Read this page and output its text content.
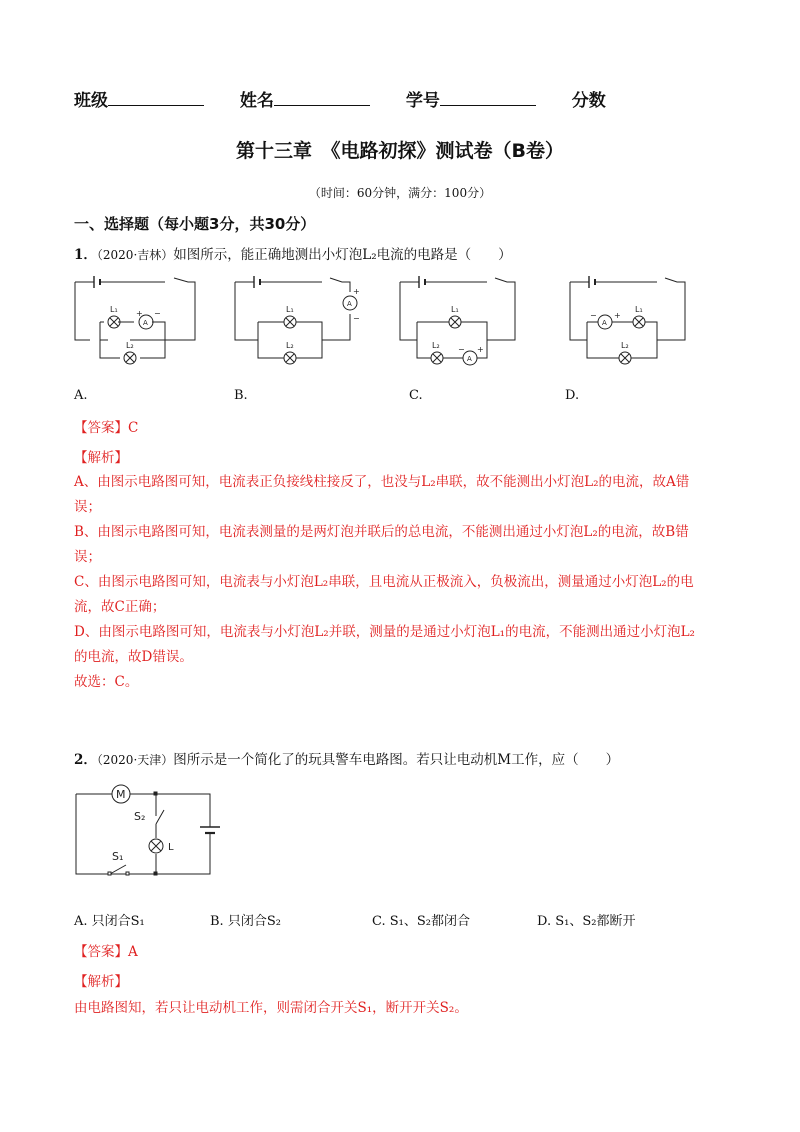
班级	姓名	学号	分数
第十三章　《电路初探》测试卷（B卷）
（时间：60分钟，满分：100分）
一、选择题（每小题3分，共30分）
1．（2020·吉林）如图所示，能正确地测出小灯泡L₂电流的电路是（　　）
L₁
A
+ −
L₂
L₁
A
+
−
L₂
L₁
L₂
A
− +
L₁
A
− +
L₂
A.	B.	C.	D.
【答案】C
【解析】
A、由图示电路图可知，电流表正负接线柱接反了，也没与L₂串联，故不能测出小灯泡L₂的电流，故A错
误；
B、由图示电路图可知，电流表测量的是两灯泡并联后的总电流，不能测出通过小灯泡L₂的电流，故B错
误；
C、由图示电路图可知，电流表与小灯泡L₂串联，且电流从正极流入，负极流出，测量通过小灯泡L₂的电
流，故C正确；
D、由图示电路图可知，电流表与小灯泡L₂并联，测量的是通过小灯泡L₁的电流，不能测出通过小灯泡L₂
的电流，故D错误。
故选：C。
2．（2020·天津）图所示是一个简化了的玩具警车电路图。若只让电动机M工作，应（　　）
M
S₂
L
S₁
A. 只闭合S₁	B. 只闭合S₂	C. S₁、S₂都闭合	D. S₁、S₂都断开
【答案】A
【解析】
由电路图知，若只让电动机工作，则需闭合开关S₁，断开开关S₂。
